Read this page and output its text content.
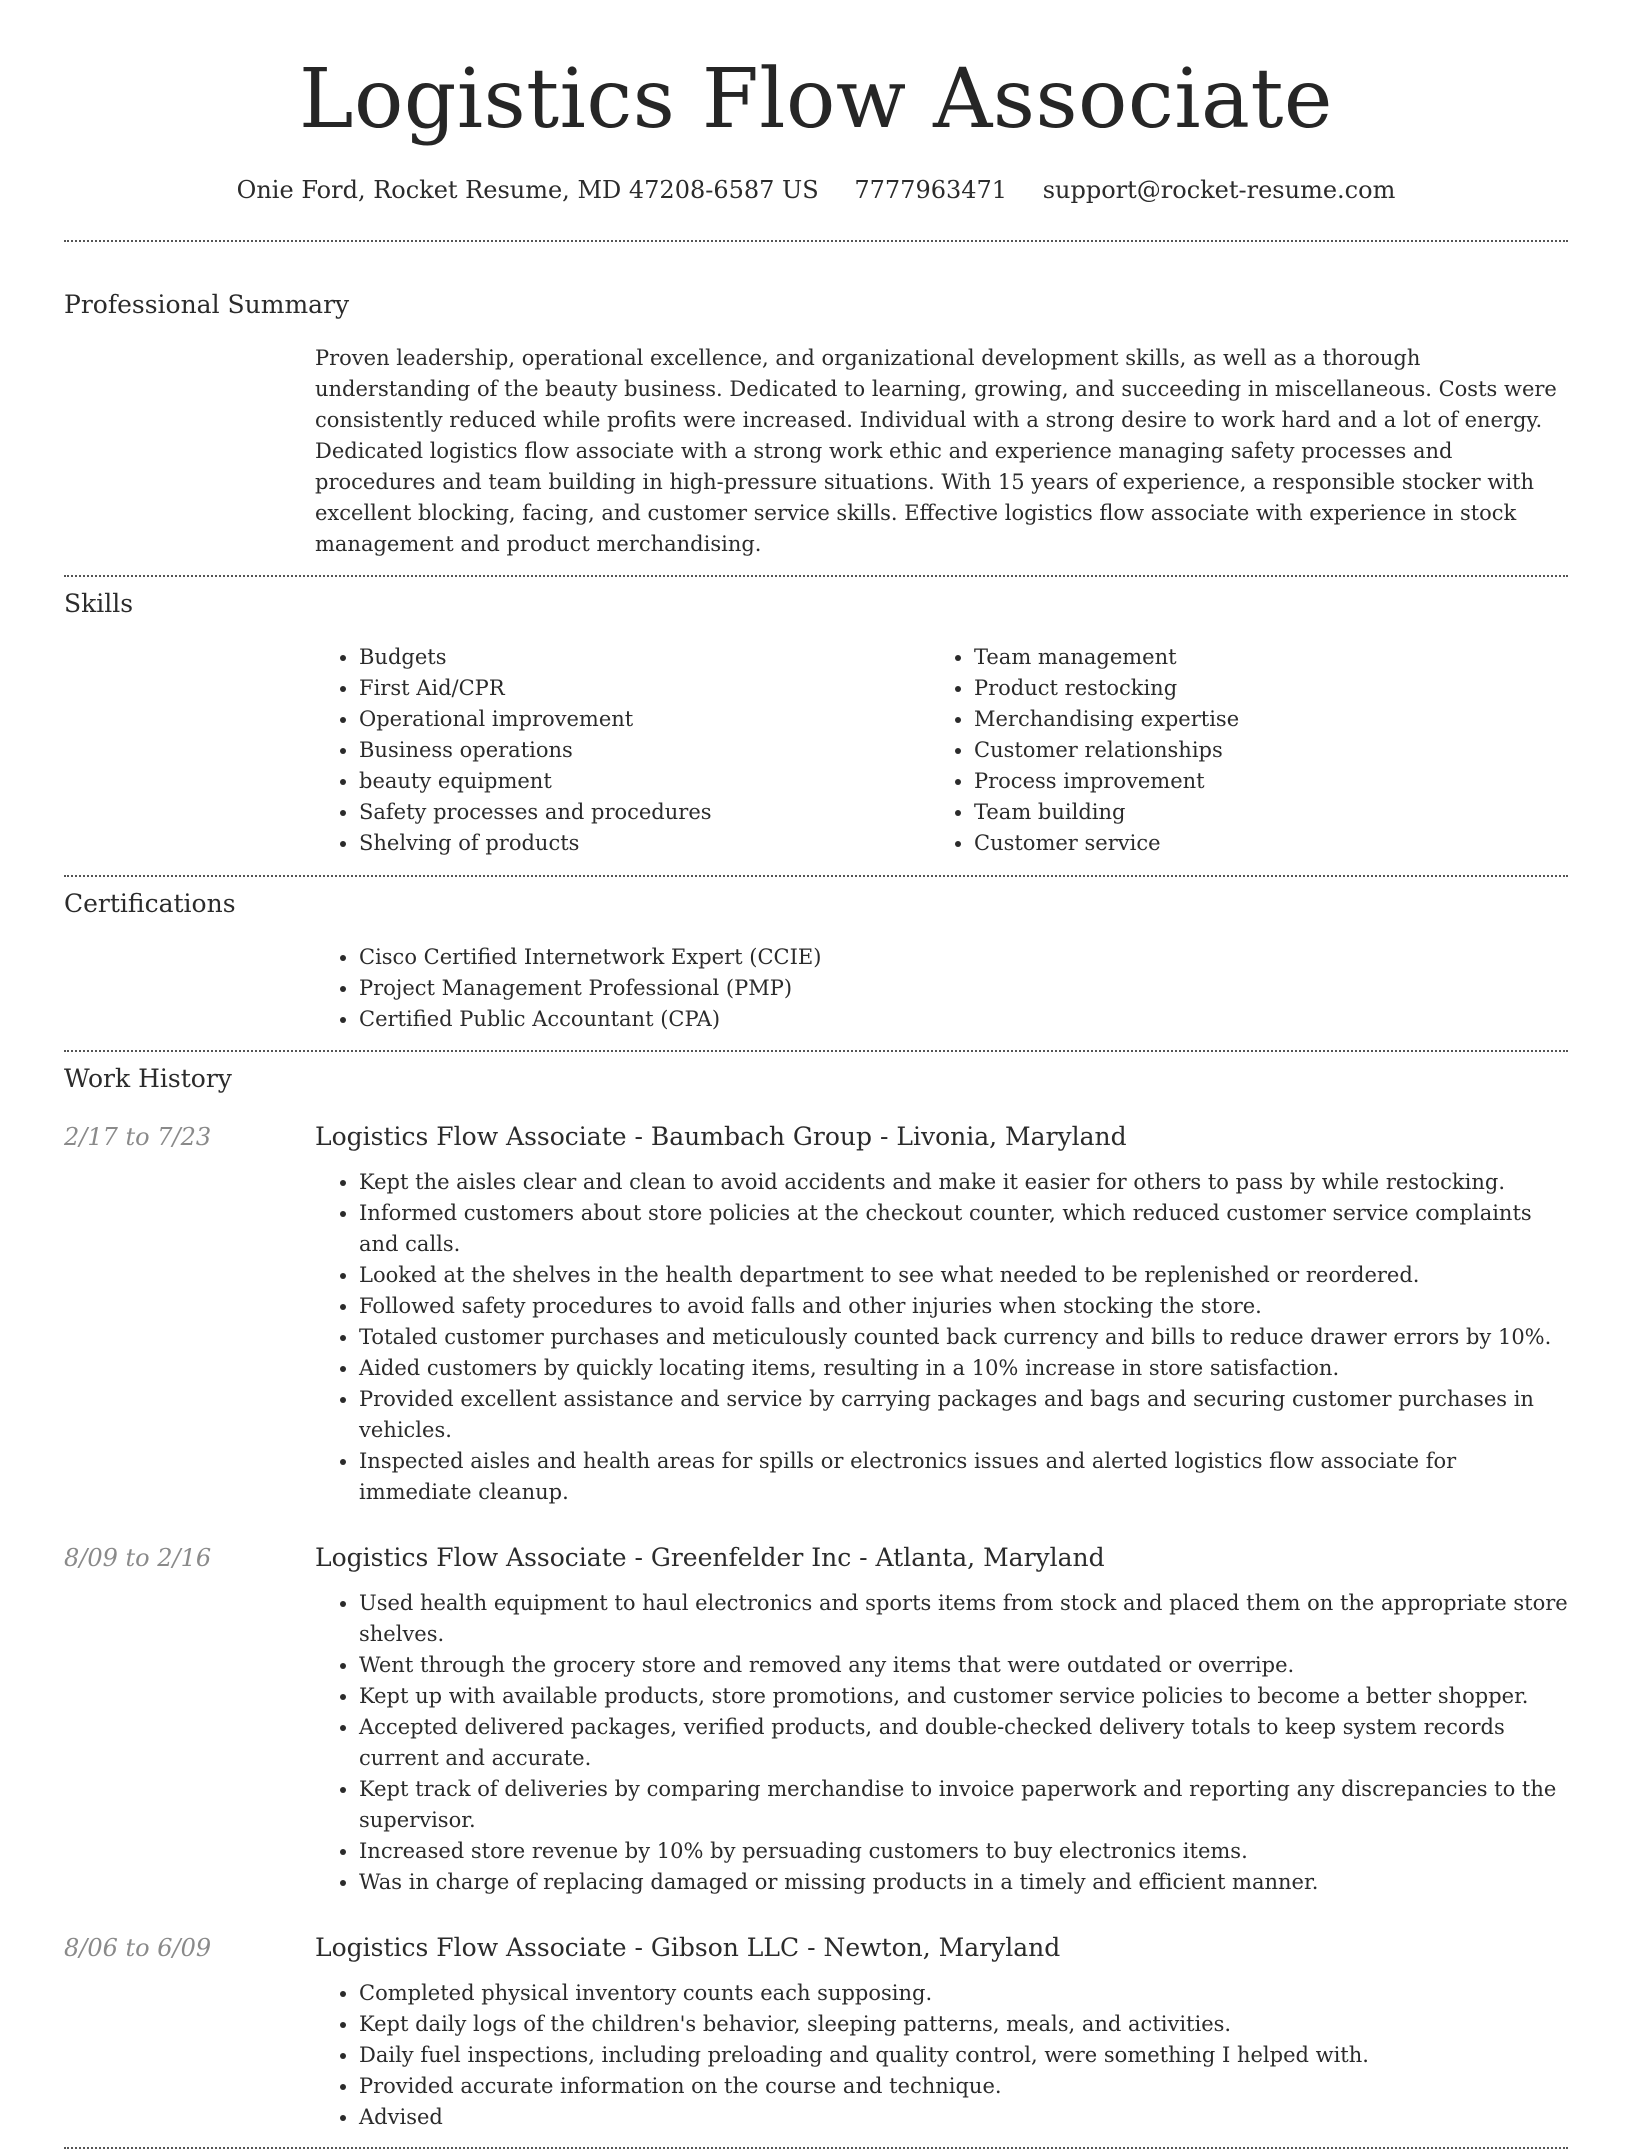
Logistics Flow Associate
Onie Ford, Rocket Resume, MD 47208-6587 US 7777963471 support@rocket-resume.com
Professional Summary

Proven leadership, operational excellence, and organizational development skills, as well as a thorough understanding of the beauty business. Dedicated to learning, growing, and succeeding in miscellaneous. Costs were consistently reduced while profits were increased. Individual with a strong desire to work hard and a lot of energy. Dedicated logistics flow associate with a strong work ethic and experience managing safety processes and procedures and team building in high-pressure situations. With 15 years of experience, a responsible stocker with excellent blocking, facing, and customer service skills. Effective logistics flow associate with experience in stock management and product merchandising.

Skills
• Budgets
• First Aid/CPR
• Operational improvement
• Business operations
• beauty equipment
• Safety processes and procedures
• Shelving of products
• Team management
• Product restocking
• Merchandising expertise
• Customer relationships
• Process improvement
• Team building
• Customer service
Certifications
• Cisco Certified Internetwork Expert (CCIE)
• Project Management Professional (PMP)
• Certified Public Accountant (CPA)
Work History
2/17 to 7/23	Logistics Flow Associate - Baumbach Group - Livonia, Maryland
• Kept the aisles clear and clean to avoid accidents and make it easier for others to pass by while restocking.
• Informed customers about store policies at the checkout counter, which reduced customer service complaints and calls.
• Looked at the shelves in the health department to see what needed to be replenished or reordered.
• Followed safety procedures to avoid falls and other injuries when stocking the store.
• Totaled customer purchases and meticulously counted back currency and bills to reduce drawer errors by 10%.
• Aided customers by quickly locating items, resulting in a 10% increase in store satisfaction.
• Provided excellent assistance and service by carrying packages and bags and securing customer purchases in vehicles.
• Inspected aisles and health areas for spills or electronics issues and alerted logistics flow associate for immediate cleanup.
8/09 to 2/16	Logistics Flow Associate - Greenfelder Inc - Atlanta, Maryland
• Used health equipment to haul electronics and sports items from stock and placed them on the appropriate store shelves.
• Went through the grocery store and removed any items that were outdated or overripe.
• Kept up with available products, store promotions, and customer service policies to become a better shopper.
• Accepted delivered packages, verified products, and double-checked delivery totals to keep system records current and accurate.
• Kept track of deliveries by comparing merchandise to invoice paperwork and reporting any discrepancies to the supervisor.
• Increased store revenue by 10% by persuading customers to buy electronics items.
• Was in charge of replacing damaged or missing products in a timely and efficient manner.
8/06 to 6/09	Logistics Flow Associate - Gibson LLC - Newton, Maryland
• Completed physical inventory counts each supposing.
• Kept daily logs of the children's behavior, sleeping patterns, meals, and activities.
• Daily fuel inspections, including preloading and quality control, were something I helped with.
• Provided accurate information on the course and technique.
• Advised
